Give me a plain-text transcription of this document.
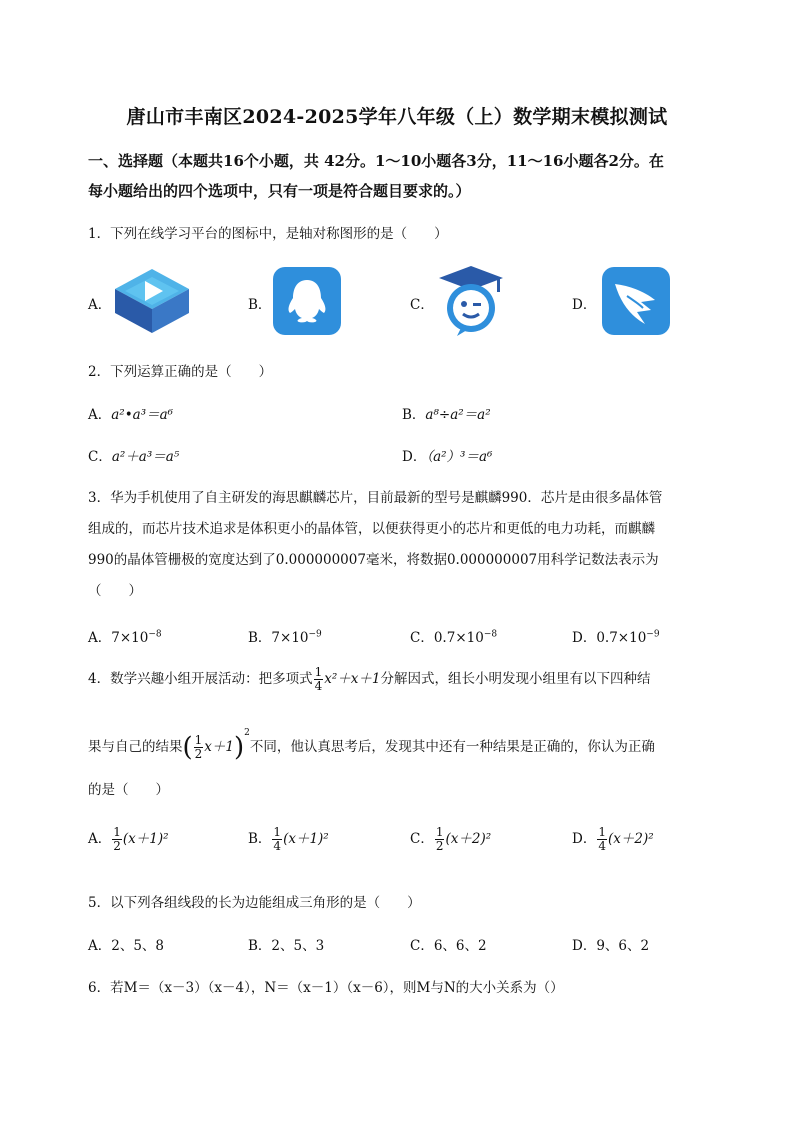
唐山市丰南区2024-2025学年八年级（上）数学期末模拟测试
一、选择题（本题共16个小题，共 42分。1～10小题各3分，11～16小题各2分。在
每小题给出的四个选项中，只有一项是符合题目要求的。）
1．下列在线学习平台的图标中，是轴对称图形的是（　　）
A．	B．	C．	D．
2．下列运算正确的是（　　）
A．a²•a³＝a⁶	B．a⁸÷a²＝a²
C．a²＋a³＝a⁵	D．（a²）³＝a⁶
3．华为手机使用了自主研发的海思麒麟芯片，目前最新的型号是麒麟990．芯片是由很多晶体管
组成的，而芯片技术追求是体积更小的晶体管，以便获得更小的芯片和更低的电力功耗，而麒麟
990的晶体管栅极的宽度达到了0.000000007毫米，将数据0.000000007用科学记数法表示为
（　　）
A．$7\times 10^{-8}$	B．$7\times 10^{-9}$	C．$0.7\times 10^{-8}$	D．$0.7\times 10^{-9}$
4．数学兴趣小组开展活动：把多项式 $\frac{1}{4} x^2+x+1$分解因式，组长小明发现小组里有以下四种结
果与自己的结果( $\frac{1}{2} x+1)^2$不同，他认真思考后，发现其中还有一种结果是正确的，你认为正确
的是（　　）
A． $\frac{1}{2} (x+1)^2$	B． $\frac{1}{4} (x+1)^2$	C． $\frac{1}{2} (x+2)^2$	D． $\frac{1}{4} (x+2)^2$
5．以下列各组线段的长为边能组成三角形的是（　　）
A．2、5、8	B．2、5、3	C．6、6、2	D．9、6、2
6．若M＝（x－3）（x－4），N＝（x－1）（x－6），则M与N的大小关系为（）
